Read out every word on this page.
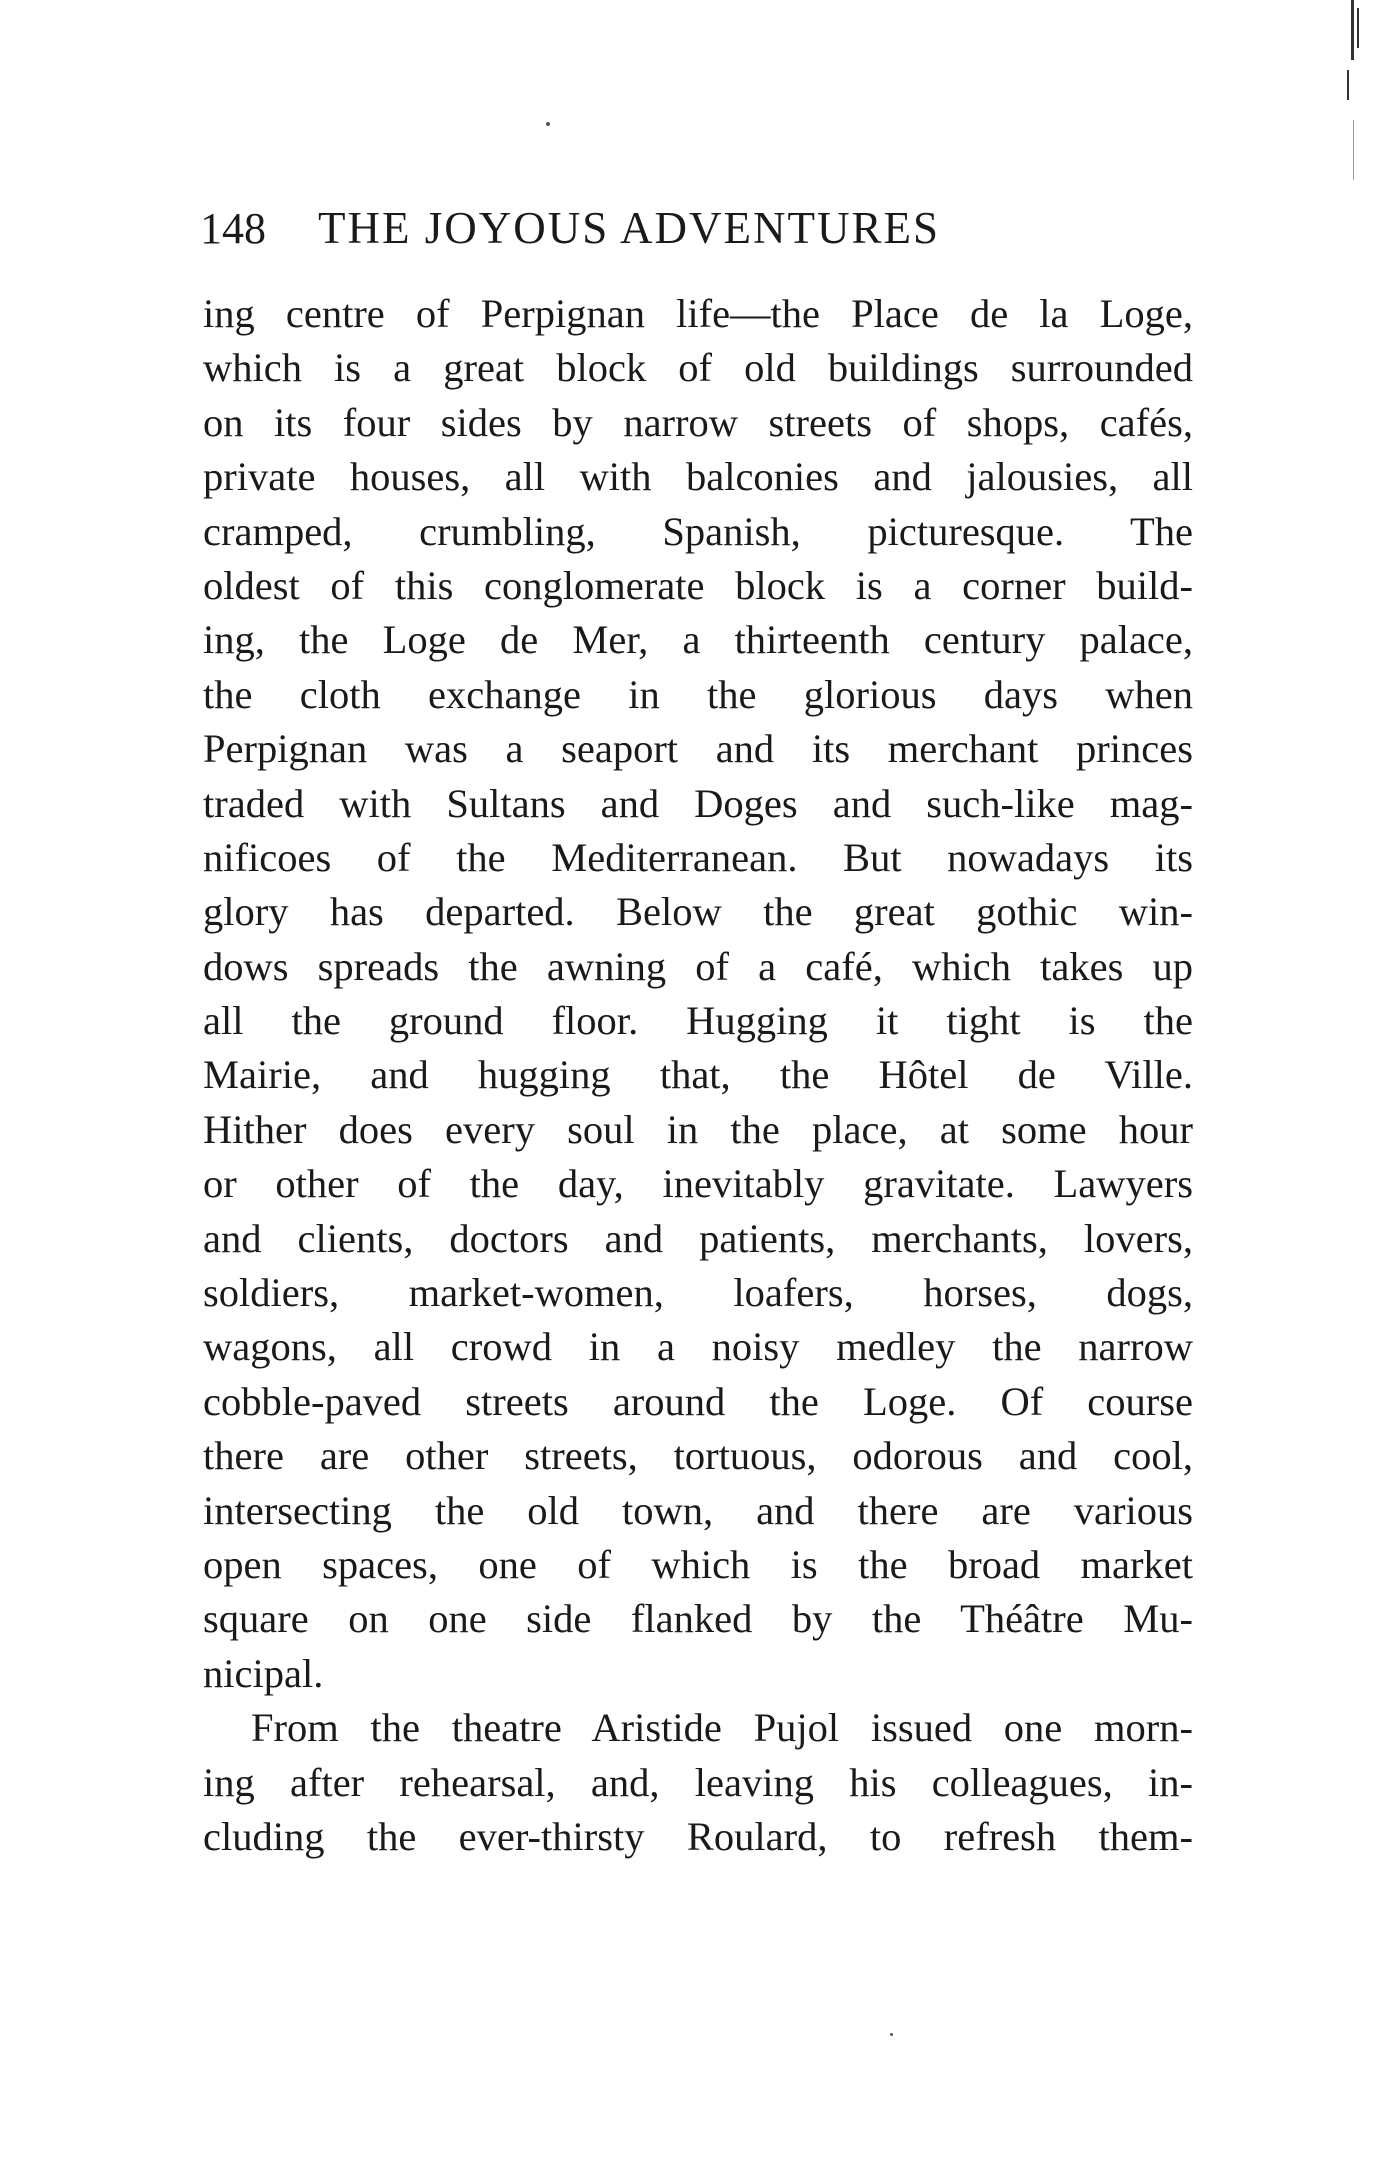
148 THE JOYOUS ADVENTURES
ing centre of Perpignan life—the Place de la Loge,
which is a great block of old buildings surrounded
on its four sides by narrow streets of shops, cafés,
private houses, all with balconies and jalousies, all
cramped, crumbling, Spanish, picturesque. The
oldest of this conglomerate block is a corner build-
ing, the Loge de Mer, a thirteenth century palace,
the cloth exchange in the glorious days when
Perpignan was a seaport and its merchant princes
traded with Sultans and Doges and such-like mag-
nificoes of the Mediterranean. But nowadays its
glory has departed. Below the great gothic win-
dows spreads the awning of a café, which takes up
all the ground floor. Hugging it tight is the
Mairie, and hugging that, the Hôtel de Ville.
Hither does every soul in the place, at some hour
or other of the day, inevitably gravitate. Lawyers
and clients, doctors and patients, merchants, lovers,
soldiers, market-women, loafers, horses, dogs,
wagons, all crowd in a noisy medley the narrow
cobble-paved streets around the Loge. Of course
there are other streets, tortuous, odorous and cool,
intersecting the old town, and there are various
open spaces, one of which is the broad market
square on one side flanked by the Théâtre Mu-
nicipal.
From the theatre Aristide Pujol issued one morn-
ing after rehearsal, and, leaving his colleagues, in-
cluding the ever-thirsty Roulard, to refresh them-
